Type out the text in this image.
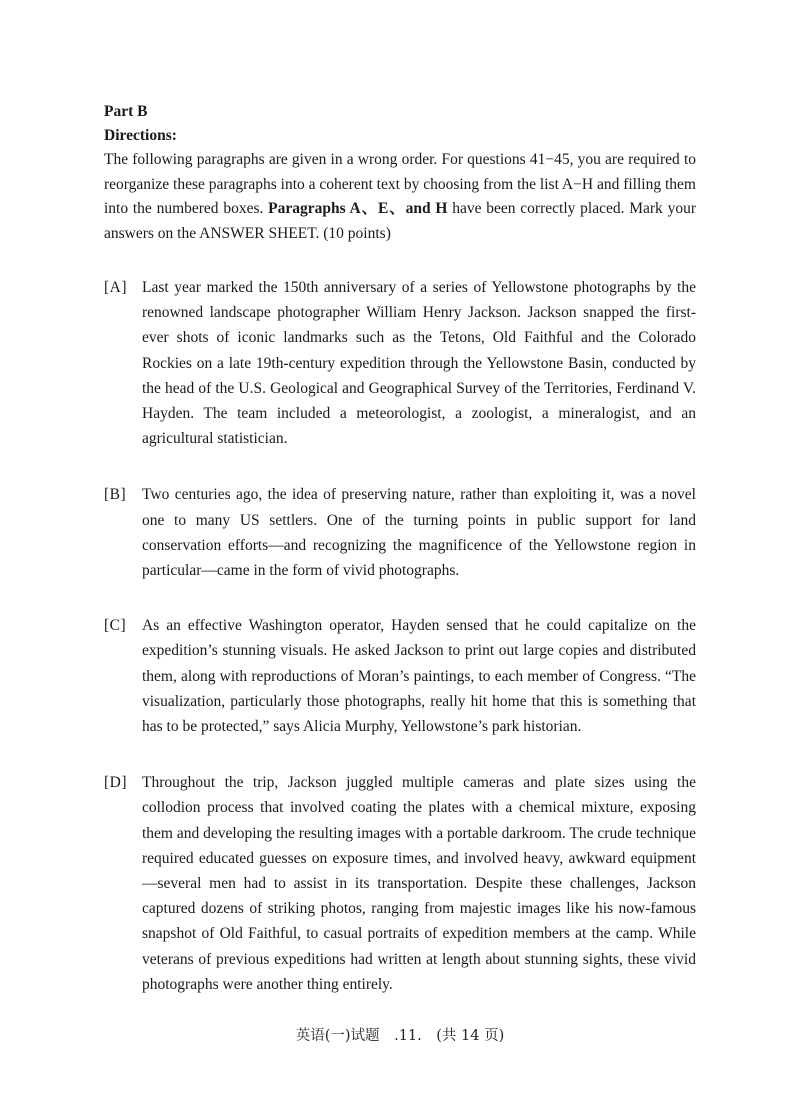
Part B

Directions:

The following paragraphs are given in a wrong order. For questions 41−45, you are required to reorganize these paragraphs into a coherent text by choosing from the list A−H and filling them into the numbered boxes. Paragraphs A、E、and H have been correctly placed. Mark your answers on the ANSWER SHEET. (10 points)

[A] Last year marked the 150th anniversary of a series of Yellowstone photographs by the renowned landscape photographer William Henry Jackson. Jackson snapped the first-ever shots of iconic landmarks such as the Tetons, Old Faithful and the Colorado Rockies on a late 19th-century expedition through the Yellowstone Basin, conducted by the head of the U.S. Geological and Geographical Survey of the Territories, Ferdinand V. Hayden. The team included a meteorologist, a zoologist, a mineralogist, and an agricultural statistician.

[B]	Two centuries ago, the idea of preserving nature, rather than exploiting it, was a novel one to many US settlers. One of the turning points in public support for land conservation efforts—and recognizing the magnificence of the Yellowstone region in particular—came in the form of vivid photographs.

[C]	As an effective Washington operator, Hayden sensed that he could capitalize on the expedition’s stunning visuals. He asked Jackson to print out large copies and distributed them, along with reproductions of Moran’s paintings, to each member of Congress. “The visualization, particularly those photographs, really hit home that this is something that has to be protected,” says Alicia Murphy, Yellowstone’s park historian.

[D] Throughout the trip, Jackson juggled multiple cameras and plate sizes using the collodion process that involved coating the plates with a chemical mixture, exposing them and developing the resulting images with a portable darkroom. The crude technique required educated guesses on exposure times, and involved heavy, awkward equipment—several men had to assist in its transportation. Despite these challenges, Jackson captured dozens of striking photos, ranging from majestic images like his now-famous snapshot of Old Faithful, to casual portraits of expedition members at the camp. While veterans of previous expeditions had written at length about stunning sights, these vivid photographs were another thing entirely.

英语(一)试题　.11.　(共 14 页)
